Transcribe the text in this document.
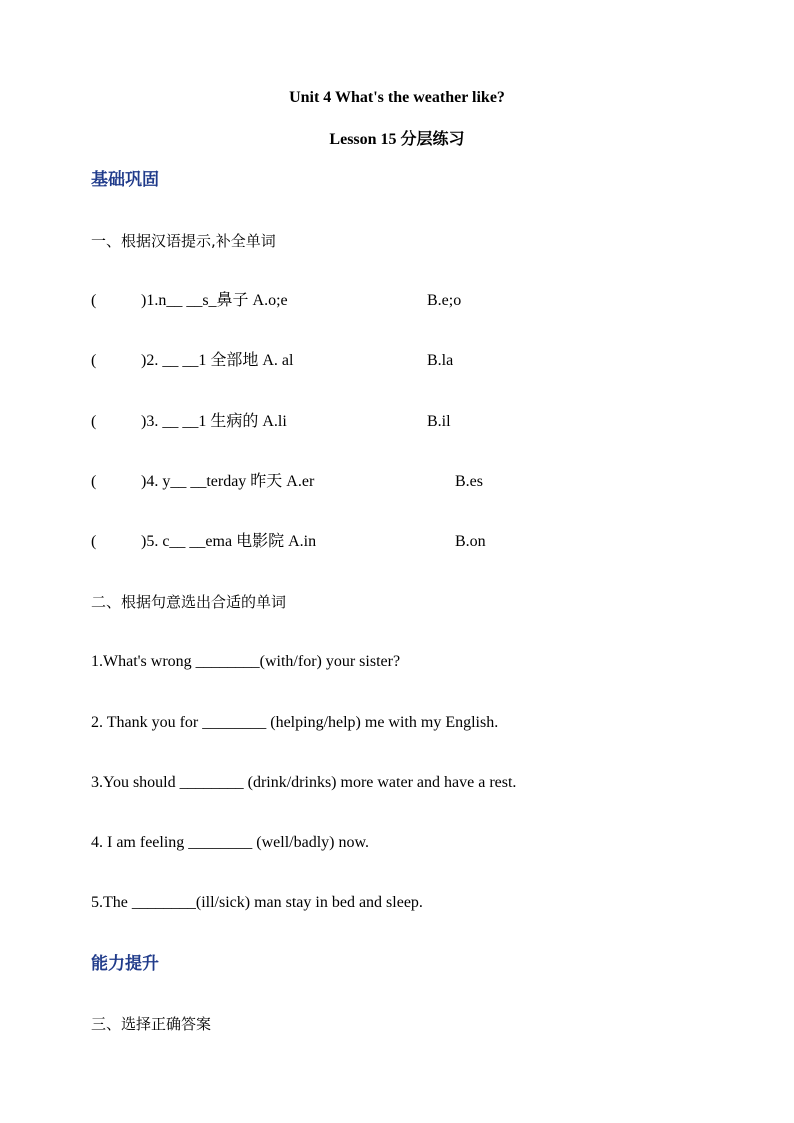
Unit 4 What's the weather like?
Lesson 15 分层练习
基础巩固
一、根据汉语提示,补全单词
(	)1.n__ __s_鼻子 A.o;e	B.e;o
(	)2. __ __1 全部地 A. al	B.la
(	)3. __ __1 生病的 A.li	B.il
(	)4. y__ __terday 昨天 A.er	B.es
(	)5. c__ __ema 电影院 A.in	B.on
二、根据句意选出合适的单词
1.What's wrong ________(with/for) your sister?
2. Thank you for ________ (helping/help) me with my English.
3.You should ________ (drink/drinks) more water and have a rest.
4. I am feeling ________ (well/badly) now.
5.The ________(ill/sick) man stay in bed and sleep.
能力提升
三、选择正确答案
